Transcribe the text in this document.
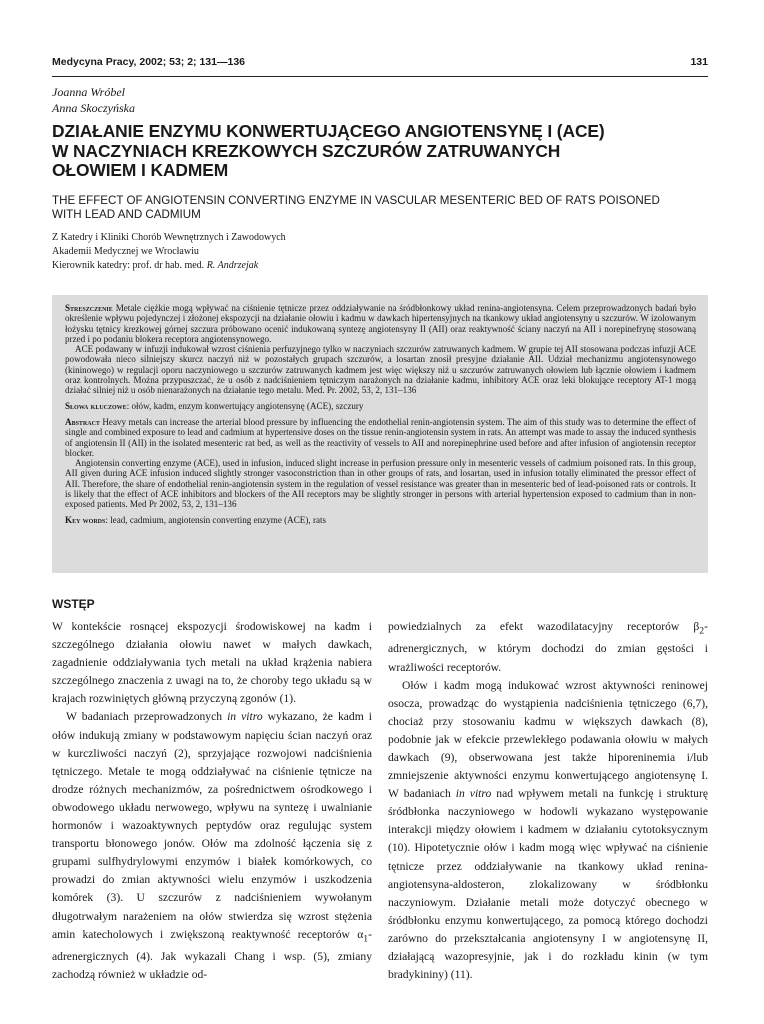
Medycyna Pracy, 2002; 53; 2; 131—136	131
Joanna Wróbel
Anna Skoczyńska
DZIAŁANIE ENZYMU KONWERTUJĄCEGO ANGIOTENSYNĘ I (ACE)
W NACZYNIACH KREZKOWYCH SZCZURÓW ZATRUWANYCH
OŁOWIEM I KADMEM
THE EFFECT OF ANGIOTENSIN CONVERTING ENZYME IN VASCULAR MESENTERIC BED OF RATS POISONED
WITH LEAD AND CADMIUM
Z Katedry i Kliniki Chorób Wewnętrznych i Zawodowych
Akademii Medycznej we Wrocławiu
Kierownik katedry: prof. dr hab. med. R. Andrzejak

Streszczenie Metale ciężkie mogą wpływać na ciśnienie tętnicze przez oddziaływanie na śródbłonkowy układ renina-angiotensyna. Celem przeprowadzonych badań było określenie wpływu pojedynczej i złożonej ekspozycji na działanie ołowiu i kadmu w dawkach hipertensyjnych na tkankowy układ angiotensyny u szczurów. W izolowanym łożysku tętnicy krezkowej górnej szczura próbowano ocenić indukowaną syntezę angiotensyny II (AII) oraz reaktywność ściany naczyń na AII i norepinefrynę stosowaną przed i po podaniu blokera receptora angiotensynowego.

ACE podawany w infuzji indukował wzrost ciśnienia perfuzyjnego tylko w naczyniach szczurów zatruwanych kadmem. W grupie tej AII stosowana podczas infuzji ACE powodowała nieco silniejszy skurcz naczyń niż w pozostałych grupach szczurów, a losartan znosił presyjne działanie AII. Udział mechanizmu angiotensynowego (kininowego) w regulacji oporu naczyniowego u szczurów zatruwanych kadmem jest więc większy niż u szczurów zatruwanych ołowiem lub łącznie ołowiem i kadmem oraz kontrolnych. Można przypuszczać, że u osób z nadciśnieniem tętniczym narażonych na działanie kadmu, inhibitory ACE oraz leki blokujące receptory AT-1 mogą działać silniej niż u osób nienarażonych na działanie tego metalu. Med. Pr. 2002, 53, 2, 131–136

Słowa kluczowe: ołów, kadm, enzym konwertujący angiotensynę (ACE), szczury

Abstract Heavy metals can increase the arterial blood pressure by influencing the endothelial renin-angiotensin system. The aim of this study was to determine the effect of single and combined exposure to lead and cadmium at hypertensive doses on the tissue renin-angiotensin system in rats. An attempt was made to assay the induced synthesis of angiotensin II (AII) in the isolated mesenteric rat bed, as well as the reactivity of vessels to AII and norepinephrine used before and after infusion of angiotensin receptor blocker.

Angiotensin converting enzyme (ACE), used in infusion, induced slight increase in perfusion pressure only in mesenteric vessels of cadmium poisoned rats. In this group, AII given during ACE infusion induced slightly stronger vasoconstriction than in other groups of rats, and losartan, used in infusion totally eliminated the pressor effect of AII. Therefore, the share of endothelial renin-angiotensin system in the regulation of vessel resistance was greater than in mesenteric bed of lead-poisoned rats or controls. It is likely that the effect of ACE inhibitors and blockers of the AII receptors may be slightly stronger in persons with arterial hypertension exposed to cadmium than in non-exposed patients. Med Pr 2002, 53, 2, 131–136

Key words: lead, cadmium, angiotensin converting enzyme (ACE), rats

WSTĘP

W kontekście rosnącej ekspozycji środowiskowej na kadm i szczególnego działania ołowiu nawet w małych dawkach, zagadnienie oddziaływania tych metali na układ krążenia nabiera szczególnego znaczenia z uwagi na to, że choroby tego układu są w krajach rozwiniętych główną przyczyną zgonów (1).

W badaniach przeprowadzonych in vitro wykazano, że kadm i ołów indukują zmiany w podstawowym napięciu ścian naczyń oraz w kurczliwości naczyń (2), sprzyjające rozwojowi nadciśnienia tętniczego. Metale te mogą oddziaływać na ciśnienie tętnicze na drodze różnych mechanizmów, za pośrednictwem ośrodkowego i obwodowego układu nerwowego, wpływu na syntezę i uwalnianie hormonów i wazoaktywnych peptydów oraz regulując system transportu błonowego jonów. Ołów ma zdolność łączenia się z grupami sulfhydrylowymi enzymów i białek komórkowych, co prowadzi do zmian aktywności wielu enzymów i uszkodzenia komórek (3). U szczurów z nadciśnieniem wywołanym długotrwałym narażeniem na ołów stwierdza się wzrost stężenia amin katecholowych i zwiększoną reaktywność receptorów $\alpha_1$-adrenergicznych (4). Jak wykazali Chang i wsp. (5), zmiany zachodzą również w układzie od-

powiedzialnych za efekt wazodilatacyjny receptorów $\beta_2$-adrenergicznych, w którym dochodzi do zmian gęstości i wrażliwości receptorów.

Ołów i kadm mogą indukować wzrost aktywności reninowej osocza, prowadząc do wystąpienia nadciśnienia tętniczego (6,7), chociaż przy stosowaniu kadmu w większych dawkach (8), podobnie jak w efekcie przewlekłego podawania ołowiu w małych dawkach (9), obserwowana jest także hiporeninemia i/lub zmniejszenie aktywności enzymu konwertującego angiotensynę I. W badaniach in vitro nad wpływem metali na funkcję i strukturę śródbłonka naczyniowego w hodowli wykazano występowanie interakcji między ołowiem i kadmem w działaniu cytotoksycznym (10). Hipotetycznie ołów i kadm mogą więc wpływać na ciśnienie tętnicze przez oddziaływanie na tkankowy układ renina-angiotensyna-aldosteron, zlokalizowany w śródbłonku naczyniowym. Działanie metali może dotyczyć obecnego w śródbłonku enzymu konwertującego, za pomocą którego dochodzi zarówno do przekształcania angiotensyny I w angiotensynę II, działającą wazopresyjnie, jak i do rozkładu kinin (w tym bradykininy) (11).
